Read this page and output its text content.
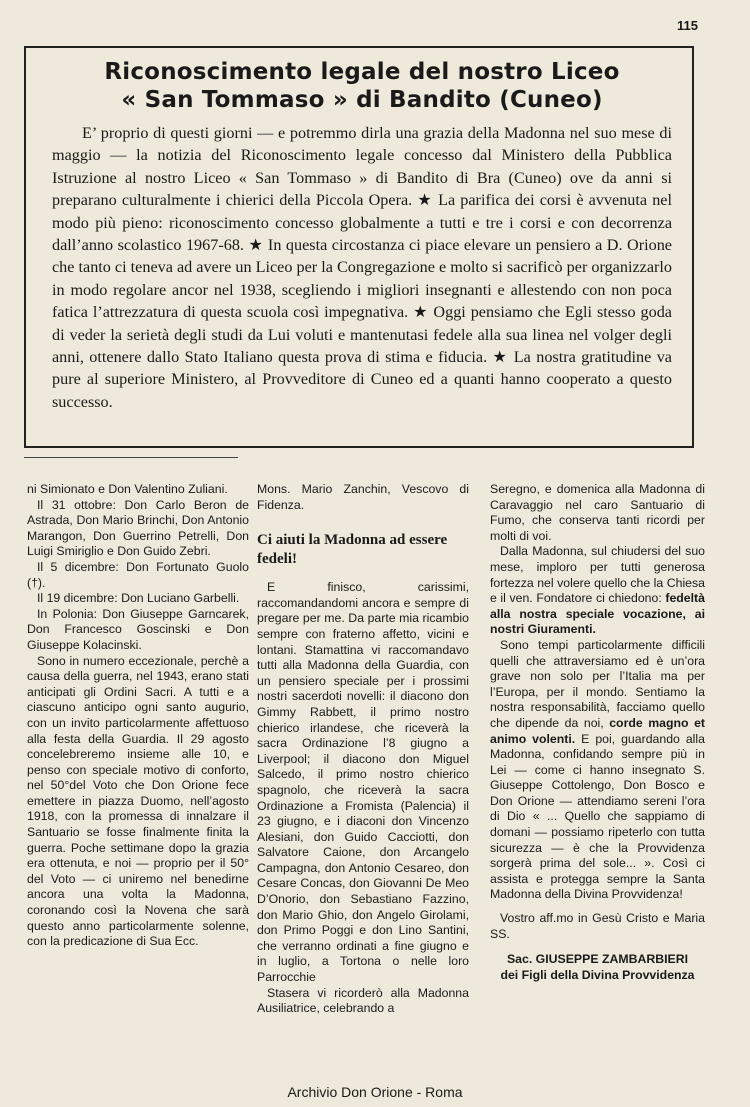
115
Riconoscimento legale del nostro Liceo
« San Tommaso » di Bandito (Cuneo)

E’ proprio di questi giorni — e potremmo dirla una grazia della Madonna nel suo mese di maggio — la notizia del Riconoscimento legale concesso dal Ministero della Pubblica Istruzione al nostro Liceo « San Tommaso » di Bandito di Bra (Cuneo) ove da anni si preparano culturalmente i chierici della Piccola Opera. ★ La parifica dei corsi è avvenuta nel modo più pieno: riconoscimento concesso globalmente a tutti e tre i corsi e con decorrenza dall’anno scolastico 1967-68. ★ In questa circostanza ci piace elevare un pensiero a D. Orione che tanto ci teneva ad avere un Liceo per la Congregazione e molto si sacrificò per organizzarlo in modo regolare ancor nel 1938, scegliendo i migliori insegnanti e allestendo con non poca fatica l’attrezzatura di questa scuola così impegnativa. ★ Oggi pensiamo che Egli stesso goda di veder la serietà degli studi da Lui voluti e mantenutasi fedele alla sua linea nel volger degli anni, ottenere dallo Stato Italiano questa prova di stima e fiducia. ★ La nostra gratitudine va pure al superiore Ministero, al Provveditore di Cuneo ed a quanti hanno cooperato a questo successo.

ni Simionato e Don Valentino Zuliani.

Il 31 ottobre: Don Carlo Beron de Astrada, Don Mario Brinchi, Don Antonio Marangon, Don Guerrino Petrelli, Don Luigi Smiriglio e Don Guido Zebri.

Il 5 dicembre: Don Fortunato Guolo (†).

Il 19 dicembre: Don Luciano Garbelli.

In Polonia: Don Giuseppe Garncarek, Don Francesco Goscinski e Don Giuseppe Kolacinski.

Sono in numero eccezionale, perchè a causa della guerra, nel 1943, erano stati anticipati gli Ordini Sacri. A tutti e a ciascuno anticipo ogni santo augurio, con un invito particolarmente affettuoso alla festa della Guardia. Il 29 agosto concelebreremo insieme alle 10, e penso con speciale motivo di conforto, nel 50°del Voto che Don Orione fece emettere in piazza Duomo, nell’agosto 1918, con la promessa di innalzare il Santuario se fosse finalmente finita la guerra. Poche settimane dopo la grazia era ottenuta, e noi — proprio per il 50° del Voto — ci uniremo nel benedirne ancora una volta la Madonna, coronando così la Novena che sarà questo anno particolarmente solenne, con la predicazione di Sua Ecc.

Mons. Mario Zanchin, Vescovo di Fidenza.

Ci aiuti la Madonna ad essere fedeli!

E finisco, carissimi, raccomandandomi ancora e sempre di pregare per me. Da parte mia ricambio sempre con fraterno affetto, vicini e lontani. Stamattina vi raccomandavo tutti alla Madonna della Guardia, con un pensiero speciale per i prossimi nostri sacerdoti novelli: il diacono don Gimmy Rabbett, il primo nostro chierico irlandese, che riceverà la sacra Ordinazione l’8 giugno a Liverpool; il diacono don Miguel Salcedo, il primo nostro chierico spagnolo, che riceverà la sacra Ordinazione a Fromista (Palencia) il 23 giugno, e i diaconi don Vincenzo Alesiani, don Guido Cacciotti, don Salvatore Caione, don Arcangelo Campagna, don Antonio Cesareo, don Cesare Concas, don Giovanni De Meo D’Onorio, don Sebastiano Fazzino, don Mario Ghio, don Angelo Girolami, don Primo Poggi e don Lino Santini, che verranno ordinati a fine giugno e in luglio, a Tortona o nelle loro Parrocchie

Stasera vi ricorderò alla Madonna Ausiliatrice, celebrando a

Seregno, e domenica alla Madonna di Caravaggio nel caro Santuario di Fumo, che conserva tanti ricordi per molti di voi.

Dalla Madonna, sul chiudersi del suo mese, imploro per tutti generosa fortezza nel volere quello che la Chiesa e il ven. Fondatore ci chiedono: fedeltà alla nostra speciale vocazione, ai nostri Giuramenti.

Sono tempi particolarmente difficili quelli che attraversiamo ed è un’ora grave non solo per l’Italia ma per l’Europa, per il mondo. Sentiamo la nostra responsabilità, facciamo quello che dipende da noi, corde magno et animo volenti. E poi, guardando alla Madonna, confidando sempre più in Lei — come ci hanno insegnato S. Giuseppe Cottolengo, Don Bosco e Don Orione — attendiamo sereni l’ora di Dio « ... Quello che sappiamo di domani — possiamo ripeterlo con tutta sicurezza — è che la Provvidenza sorgerà prima del sole... ». Così ci assista e protegga sempre la Santa Madonna della Divina Provvidenza!

Vostro aff.mo in Gesù Cristo e Maria SS.

Sac. GIUSEPPE ZAMBARBIERI

dei Figli della Divina Provvidenza

Archivio Don Orione - Roma
